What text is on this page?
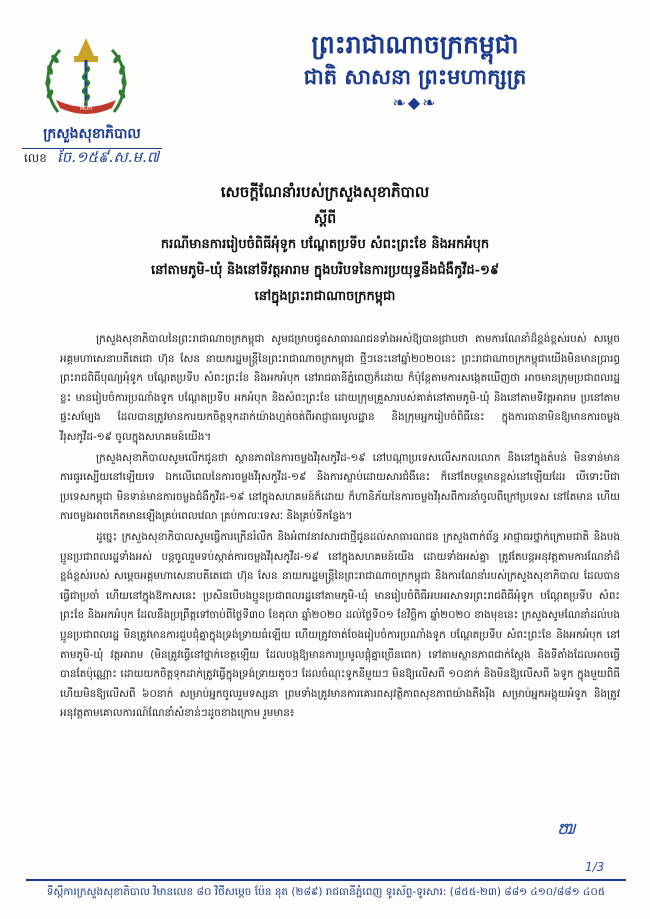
MOH
ព្រះរាជាណាចក្រកម្ពុជា
ជាតិ សាសនា ព្រះមហាក្សត្រ
❧◆❧
ក្រសួងសុខាភិបាល
លេខ ចែ.១៥៩.ស.ម.៧
សេចក្តីណែនាំរបស់ក្រសួងសុខាភិបាល
ស្តីពី
ករណីមានការរៀបចំពិធីអុំទូក បណ្តែតប្រទីប សំពះព្រះខែ និងអកអំបុក
នៅតាមភូមិ-ឃុំ និងនៅទីវត្តអារាម ក្នុងបរិបទនៃការប្រយុទ្ធនឹងជំងឺកូវីដ-១៩
នៅក្នុងព្រះរាជាណាចក្រកម្ពុជា

ក្រសួងសុខាភិបាលនៃព្រះរាជាណាចក្រកម្ពុជា សូមជម្រាបជូនសាធារណជនទាំងអស់ឱ្យបានជ្រាបថា តាមការណែនាំដ៏ខ្ពង់ខ្ពស់របស់ សម្តេចអគ្គមហាសេនាបតីតេជោ ហ៊ុន សែន នាយករដ្ឋមន្ត្រីនៃព្រះរាជាណាចក្រកម្ពុជា ថ្មីៗនេះនៅឆ្នាំ២០២០នេះ ព្រះរាជាណាចក្រកម្ពុជាយើងមិនមានប្រារព្ធព្រះរាជពិធីបុណ្យអុំទូក បណ្តែតប្រទីប សំពះព្រះខែ និងអកអំបុក នៅរាជធានីភ្នំពេញក៏ដោយ ក៏ប៉ុន្តែតាមការសង្កេតឃើញថា អាចមានក្រុមប្រជាពលរដ្ឋខ្លះ មានរៀបចំការប្រណាំងទូក បណ្តែតប្រទីប អកអំបុក និងសំពះព្រះខែ ដោយក្រុមគ្រួសារបស់គាត់នៅតាមភូមិ-ឃុំ និងនៅតាមទីវត្តអារាម ប្រនៅតាមផ្ទះសម្បែង ដែលបានត្រូវមានការយកចិត្តទុកដាក់យ៉ាងហ្មត់ចត់ពីអាជ្ញាធរមូលដ្ឋាន និងក្រុមអ្នករៀបចំពិធីនេះ ក្នុងការធានាមិនឱ្យមានការចម្លងវីរុសកូវីដ-១៩ ចូលក្នុងសហគមន៍យើង។

ក្រសួងសុខាភិបាលសូមលើកជូនថា ស្ថានភាពនៃការចម្លងវីរុសកូវីដ-១៩ នៅបណ្តាប្រទេសលើសកលលោក និងនៅក្នុងតំបន់ មិនទាន់មានការធូរស្បើយនៅឡើយទេ ឯកលើពេលនៃការចម្លងវីរុសកូវីដ-១៩ និងការស្លាប់ដោយសារជំងឺនេះ ក៏នៅតែបន្តមានខ្ពស់នៅឡើយដែរ បើទោះបីជាប្រទេសកម្ពុជា មិនទាន់មានការចម្លងជំងឺកូវីដ-១៩ នៅក្នុងសហគមន៍ក៏ដោយ ក៏ហានិភ័យនៃការចម្លងវីរុសពីការនាំចូលពីក្រៅប្រទេស នៅតែមាន ហើយការចម្លងអាចកើតមានឡើងគ្រប់ពេលវេលា គ្រប់កាលៈទេសៈ និងគ្រប់ទីកន្លែង។

ដូច្នេះ ក្រសួងសុខាភិបាលសូមធ្វើការក្រើនរំលឹក និងអំពាវនាវសារជាថ្មីជូនដល់សាធារណជន ក្រសួងពាក់ព័ន្ធ អាជ្ញាធរថ្នាក់ក្រោមជាតិ និងបងប្អូនប្រជាពលរដ្ឋទាំងអស់ បន្តចូលរួមទប់ស្កាត់ការចម្លងវីរុសកូវីដ-១៩ នៅក្នុងសហគមន៍យើង ដោយទាំងអស់គ្នា ត្រូវតែបន្តអនុវត្តតាមការណែនាំដ៏ខ្ពង់ខ្ពស់របស់ សម្តេចអគ្គមហាសេនាបតីតេជោ ហ៊ុន សែន នាយករដ្ឋមន្ត្រីនៃព្រះរាជាណាចក្រកម្ពុជា និងការណែនាំរបស់ក្រសួងសុខាភិបាល ដែលបានធ្វើជាប្រចាំ ហើយនៅក្នុងឱកាសនេះ ប្រសិនបើបងប្អូនប្រជាពលរដ្ឋនៅតាមភូមិ-ឃុំ មានរៀបចំពិធីអបអរសាទរព្រះរាជពិធីអុំទូក បណ្តែតប្រទីប សំពះព្រះខែ និងអកអំបុក ដែលនឹងប្រព្រឹត្តទៅចាប់ពីថ្ងៃទី៣០ ខែតុលា ឆ្នាំ២០២០ ដល់ថ្ងៃទី០១ ខែវិច្ឆិកា ឆ្នាំ២០២០ ខាងមុខនេះ ក្រសួងសូមណែនាំដល់បងប្អូនប្រជាពលរដ្ឋ មិនត្រូវមានការជួបជុំគ្នាក្នុងទ្រង់ទ្រាយធំឡើយ ហើយត្រូវចាត់ចែងរៀបចំការប្រណាំងទូក បណ្តែតប្រទីប សំពះព្រះខែ និងអកអំបុក នៅតាមភូមិ-ឃុំ វត្តអារាម (មិនត្រូវធ្វើនៅថ្នាក់ខេត្តឡើយ ដែលបង្កឱ្យមានការប្រមូលផ្តុំគ្នាច្រើនពេក) ទៅតាមស្ថានភាពជាក់ស្តែង និងទីតាំងដែលអាចធ្វើបានតែប៉ុណ្ណោះ ដោយយកចិត្តទុកដាក់ត្រូវធ្វើក្នុងទ្រង់ទ្រាយតូចៗ ដែលចំណុះទូកនីមួយៗ មិនឱ្យលើសពី ១០នាក់ និងមិនឱ្យលើសពី ៦ទូក ក្នុងមួយពិធី ហើយមិនឱ្យលើសពី ៦០នាក់ សម្រាប់អ្នកចូលរួមទស្សនា ព្រមទាំងត្រូវមានការគោរពសុវត្ថិភាពសុខភាពយ៉ាងតឹងរ៉ឹង សម្រាប់អ្នកអង្គុយអំទូក និងត្រូវអនុវត្តតាមគោលការណ៍ណែនាំសំខាន់ៗដូចខាងក្រោម រួមមាន៖

ໜ
1/3
ទីស្តីការក្រសួងសុខាភិបាល វិមានលេខ ៨០ វិថីសម្តេច ប៉ែន នុត (២៨៩) រាជធានីភ្នំពេញ ទូរស័ព្ទ-ទូរសារ: (៨៥៥-២៣) ៨៨១ ៤១០/៨៨១ ៤០៥
